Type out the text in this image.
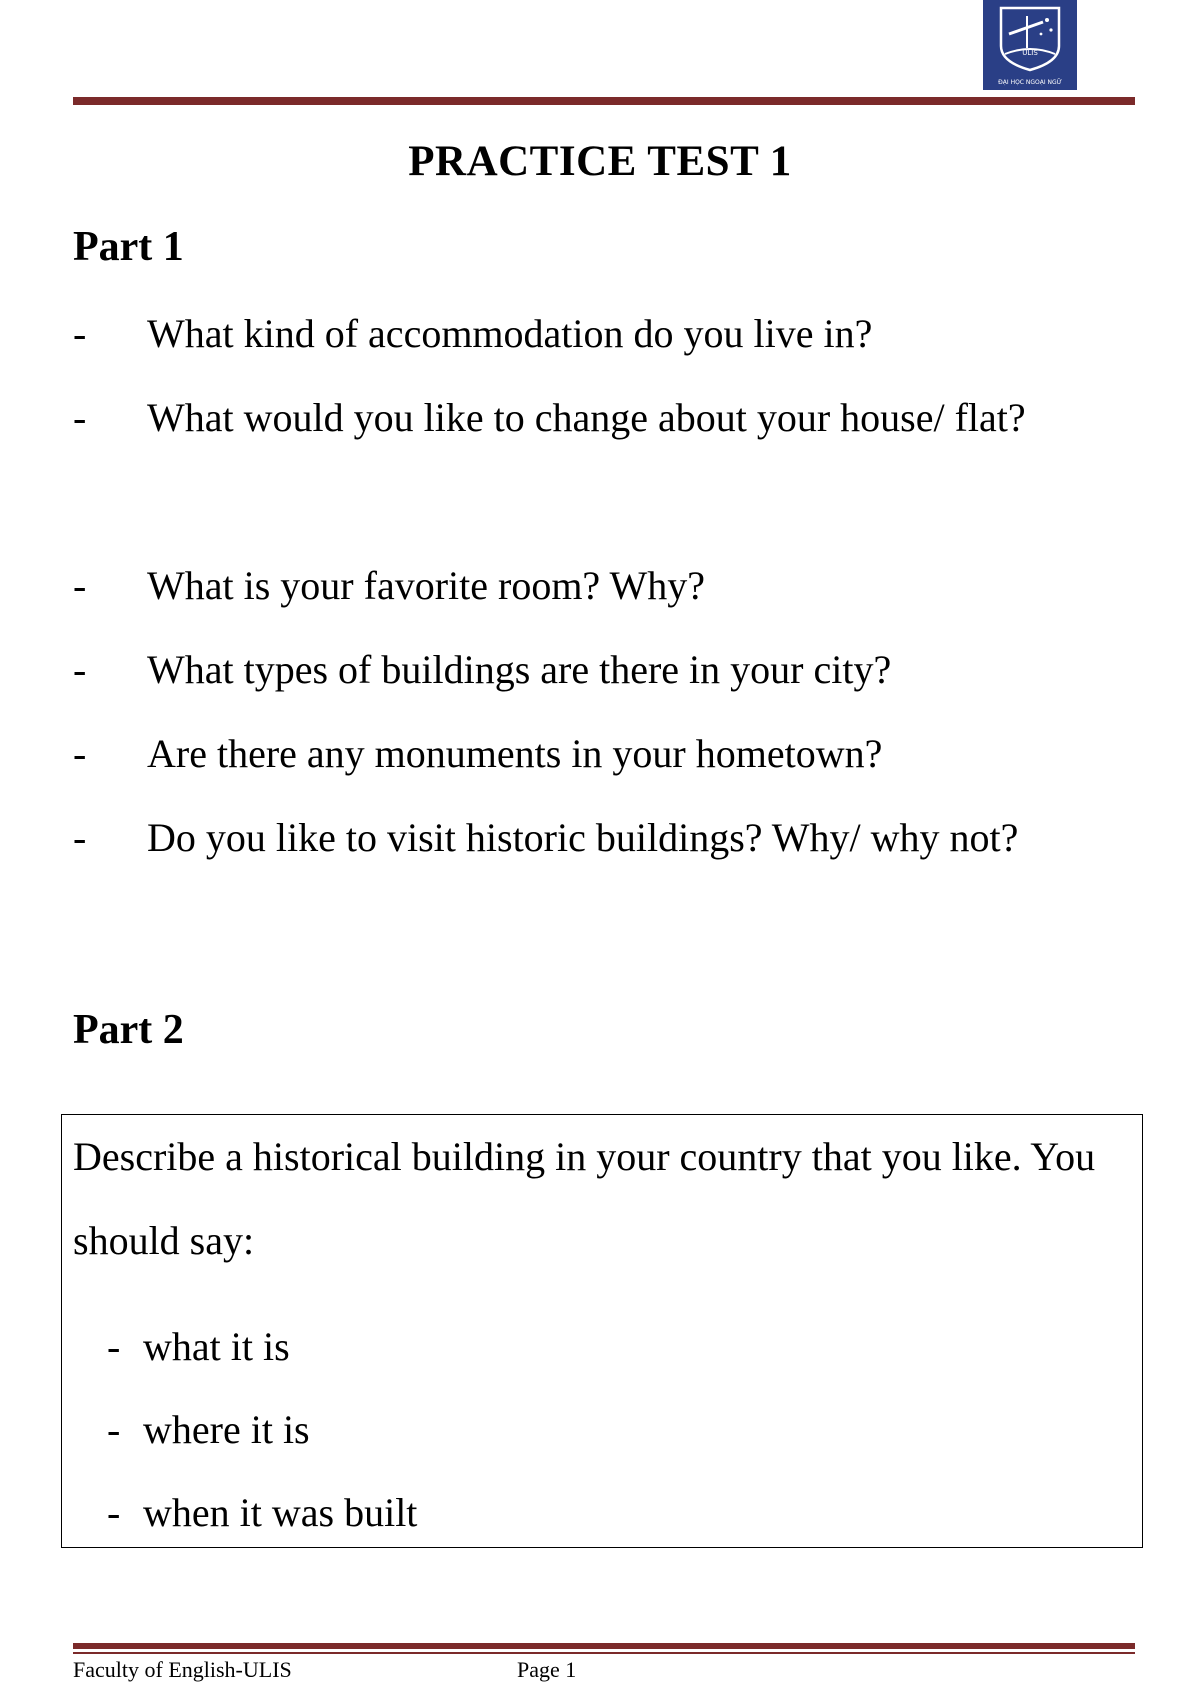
ULIS
ĐẠI HỌC NGOẠI NGỮ
PRACTICE TEST 1
Part 1
- What kind of accommodation do you live in?
- What would you like to change about your house/ flat?
- What is your favorite room? Why?
- What types of buildings are there in your city?
- Are there any monuments in your hometown?
- Do you like to visit historic buildings? Why/ why not?
Part 2
Describe a historical building in your country that you like. You should say:
- what it is
- where it is
- when it was built
Faculty of English-ULIS	Page 1
